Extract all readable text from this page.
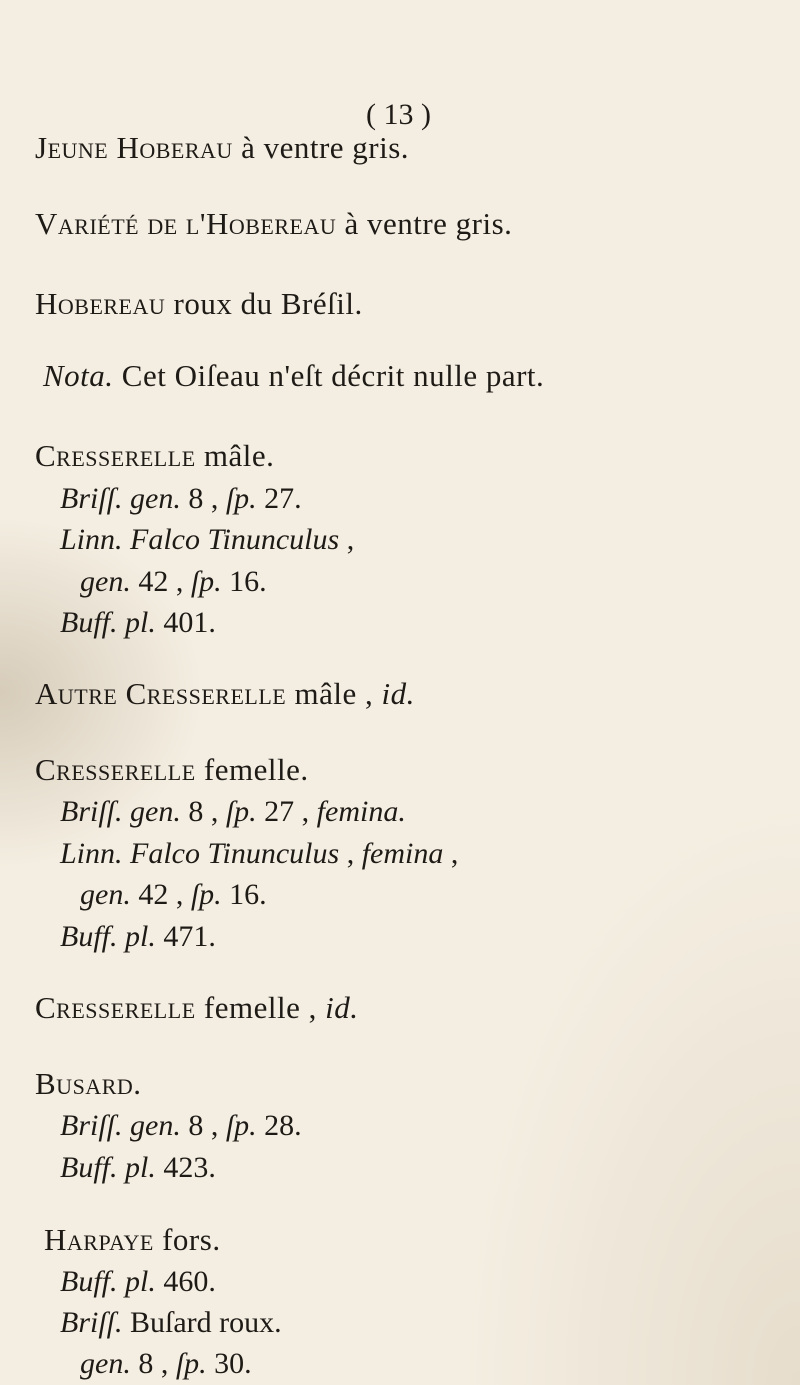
( 13 )
Jeune Hoberau à ventre gris.
Variété de l'Hobereau à ventre gris.
Hobereau roux du Bréſil.
Nota. Cet Oiſeau n'eſt décrit nulle part.
Cresserelle mâle.
Briſſ. gen. 8 , ſp. 27.
Linn. Falco Tinunculus ,
gen. 42 , ſp. 16.
Buff. pl. 401.
Autre Cresserelle mâle , id.
Cresserelle femelle.
Briſſ. gen. 8 , ſp. 27 , femina.
Linn. Falco Tinunculus , femina ,
gen. 42 , ſp. 16.
Buff. pl. 471.
Cresserelle femelle , id.
Busard.
Briſſ. gen. 8 , ſp. 28.
Buff. pl. 423.
Harpaye fors.
Buff. pl. 460.
Briſſ. Buſard roux.
gen. 8 , ſp. 30.
